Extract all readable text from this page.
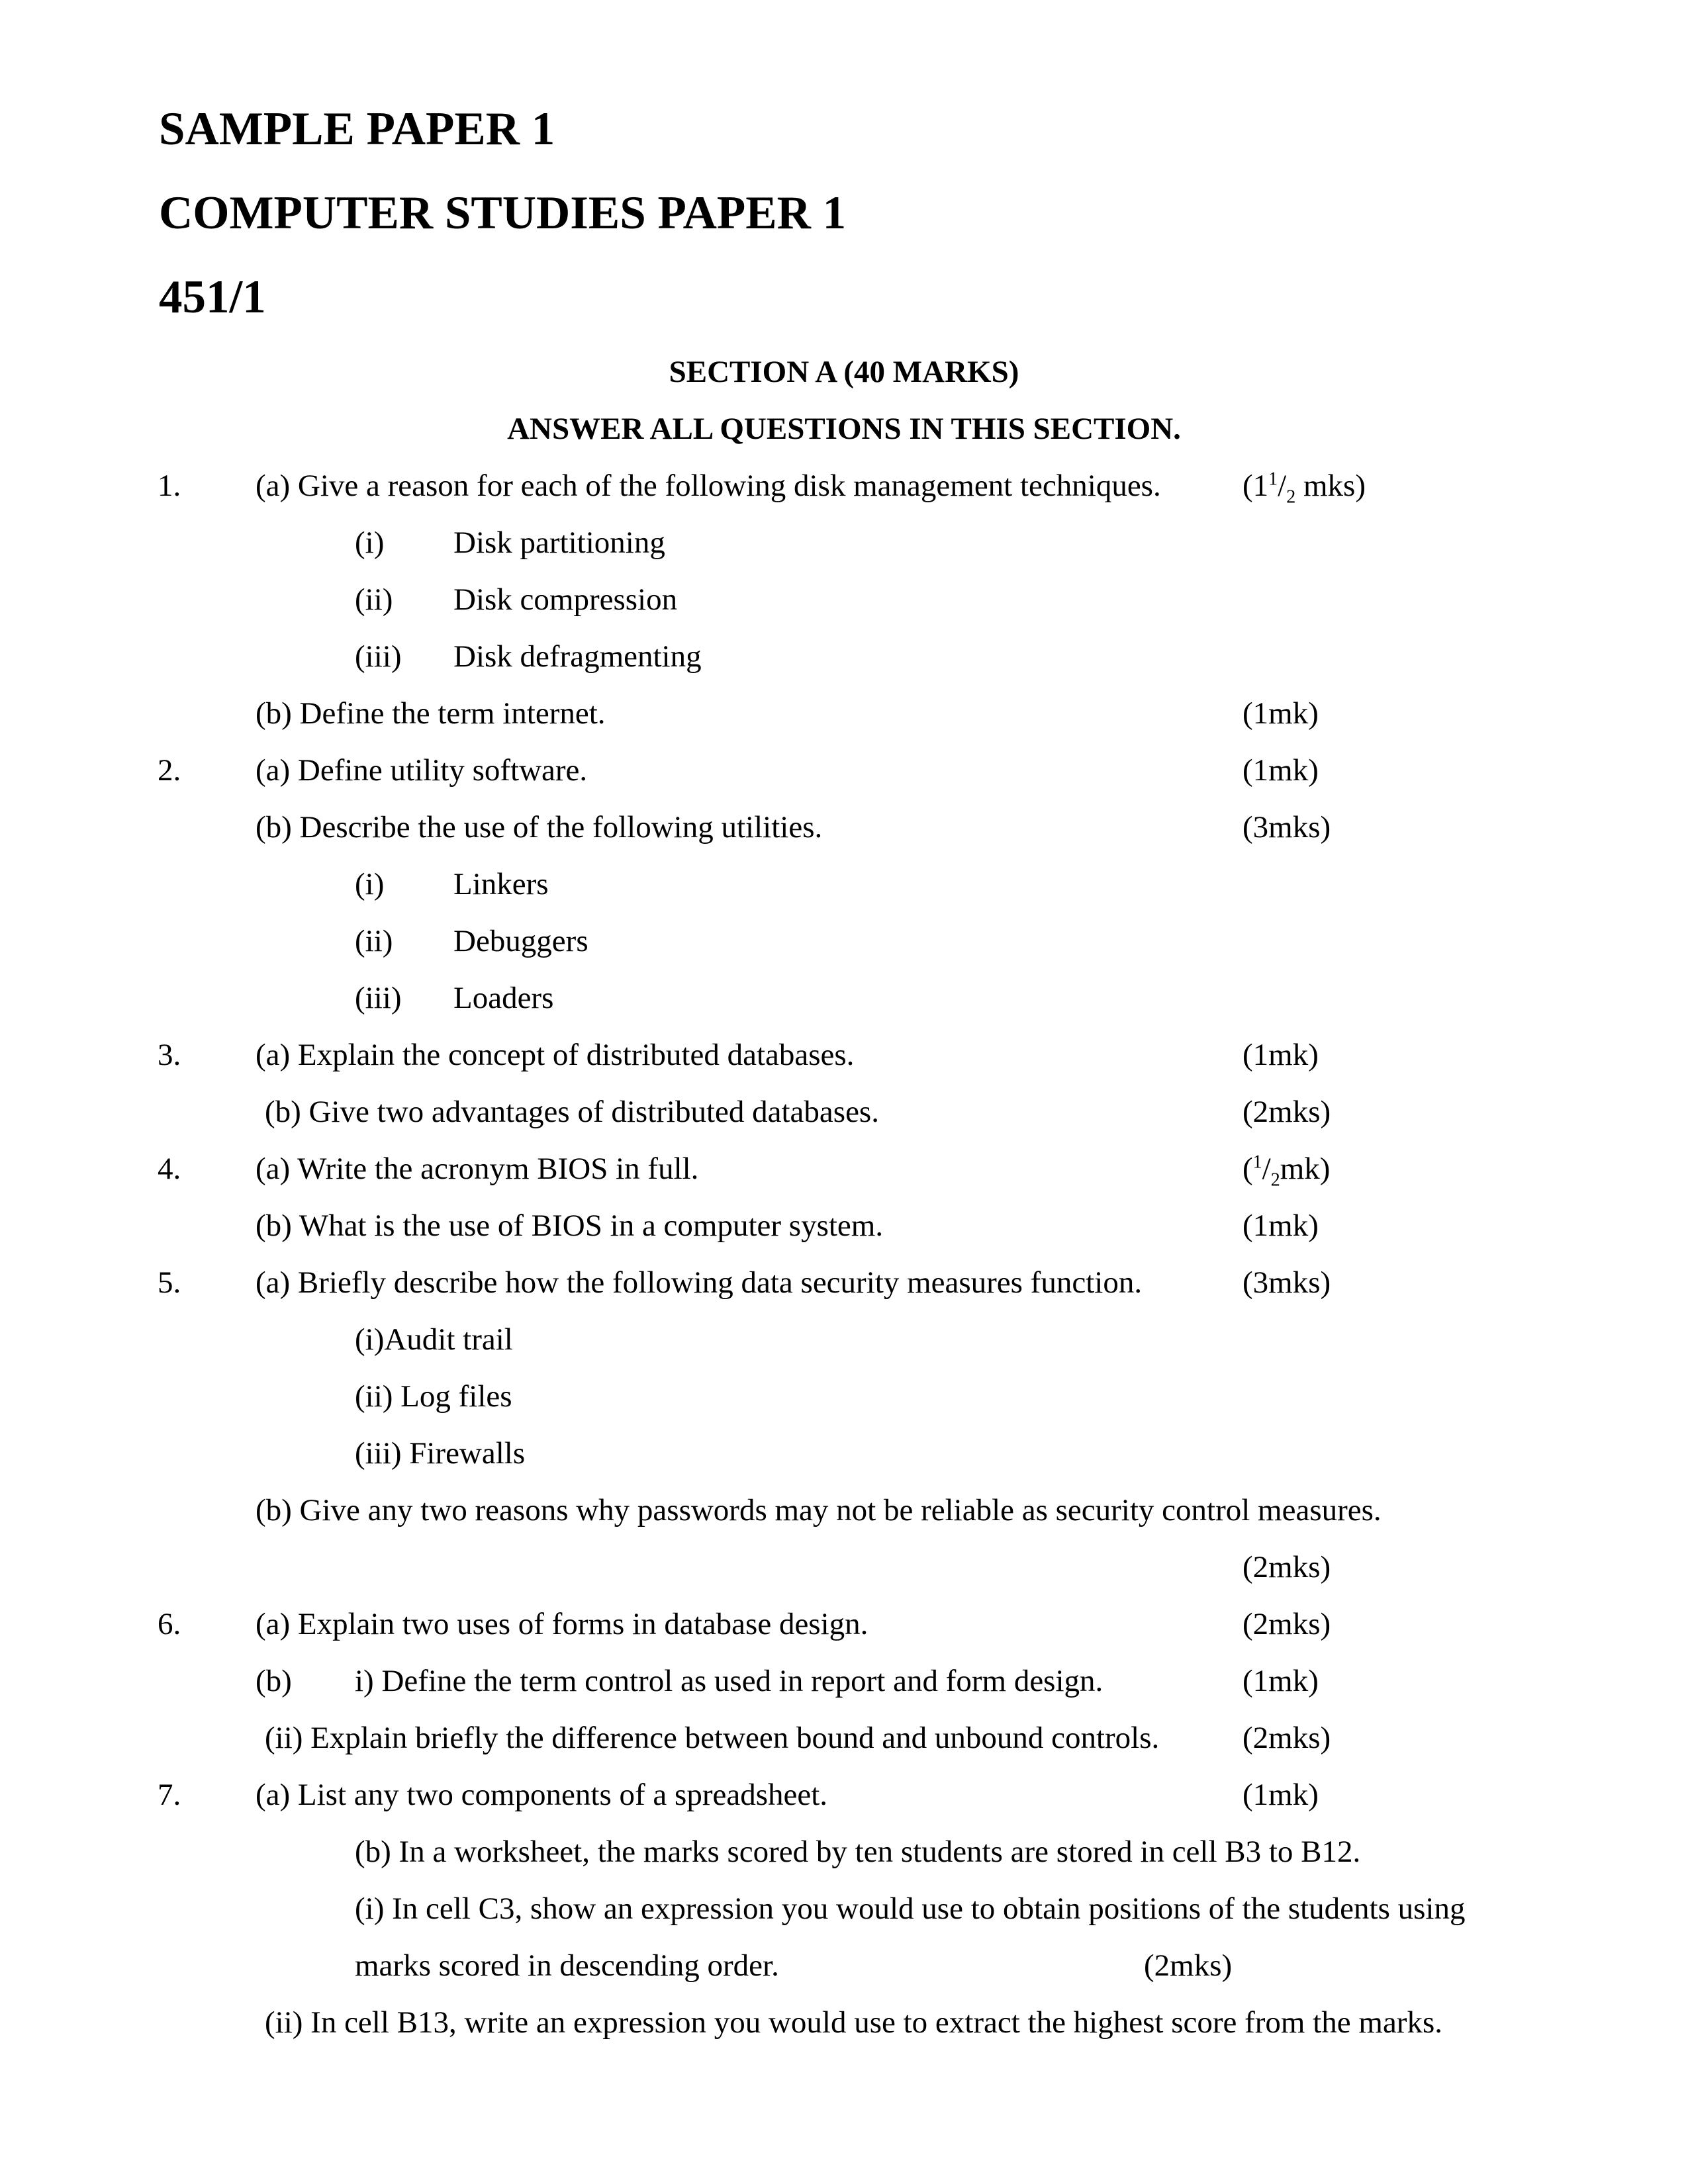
SAMPLE PAPER 1
COMPUTER STUDIES PAPER 1
451/1
SECTION A (40 MARKS)
ANSWER ALL QUESTIONS IN THIS SECTION.
1. (a) Give a reason for each of the following disk management techniques.	($1^1/_2$ mks)
(i) Disk partitioning
(ii) Disk compression
(iii) Disk defragmenting
(b) Define the term internet.	(1mk)
2. (a) Define utility software.	(1mk)
(b) Describe the use of the following utilities.	(3mks)
(i) Linkers
(ii) Debuggers
(iii) Loaders
3. (a) Explain the concept of distributed databases.	(1mk)
(b) Give two advantages of distributed databases.	(2mks)
4. (a) Write the acronym BIOS in full.	$(^1/_2mk)$
(b) What is the use of BIOS in a computer system.	(1mk)
5. (a) Briefly describe how the following data security measures function.	(3mks)
(i)Audit trail
(ii) Log files
(iii) Firewalls
(b) Give any two reasons why passwords may not be reliable as security control measures.
(2mks)
6. (a) Explain two uses of forms in database design.	(2mks)
(b) i) Define the term control as used in report and form design.	(1mk)
(ii) Explain briefly the difference between bound and unbound controls.	(2mks)
7. (a) List any two components of a spreadsheet.	(1mk)
(b) In a worksheet, the marks scored by ten students are stored in cell B3 to B12.
(i) In cell C3, show an expression you would use to obtain positions of the students using
marks scored in descending order.	(2mks)
(ii) In cell B13, write an expression you would use to extract the highest score from the marks.
